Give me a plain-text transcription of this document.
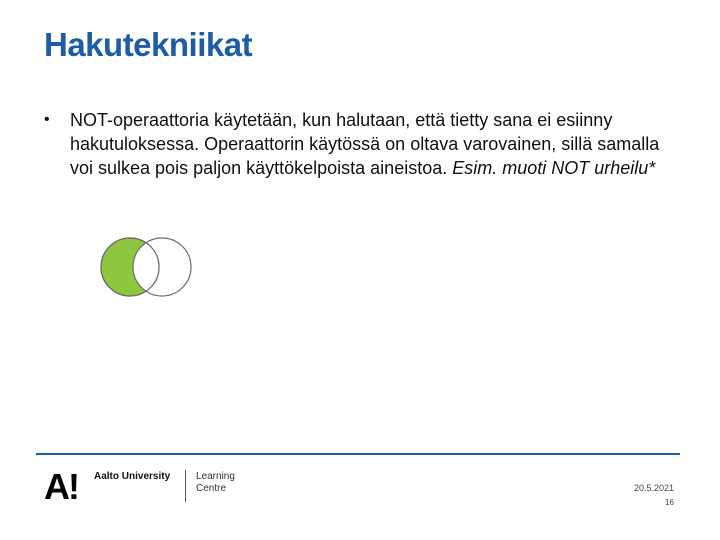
Hakutekniikat
• NOT-operaattoria käytetään, kun halutaan, että tietty sana ei esiinny hakutuloksessa. Operaattorin käytössä on oltava varovainen, sillä samalla voi sulkea pois paljon käyttökelpoista aineistoa. Esim. muoti NOT urheilu*
A! Aalto University	Learning
Centre	20.5.2021
16
